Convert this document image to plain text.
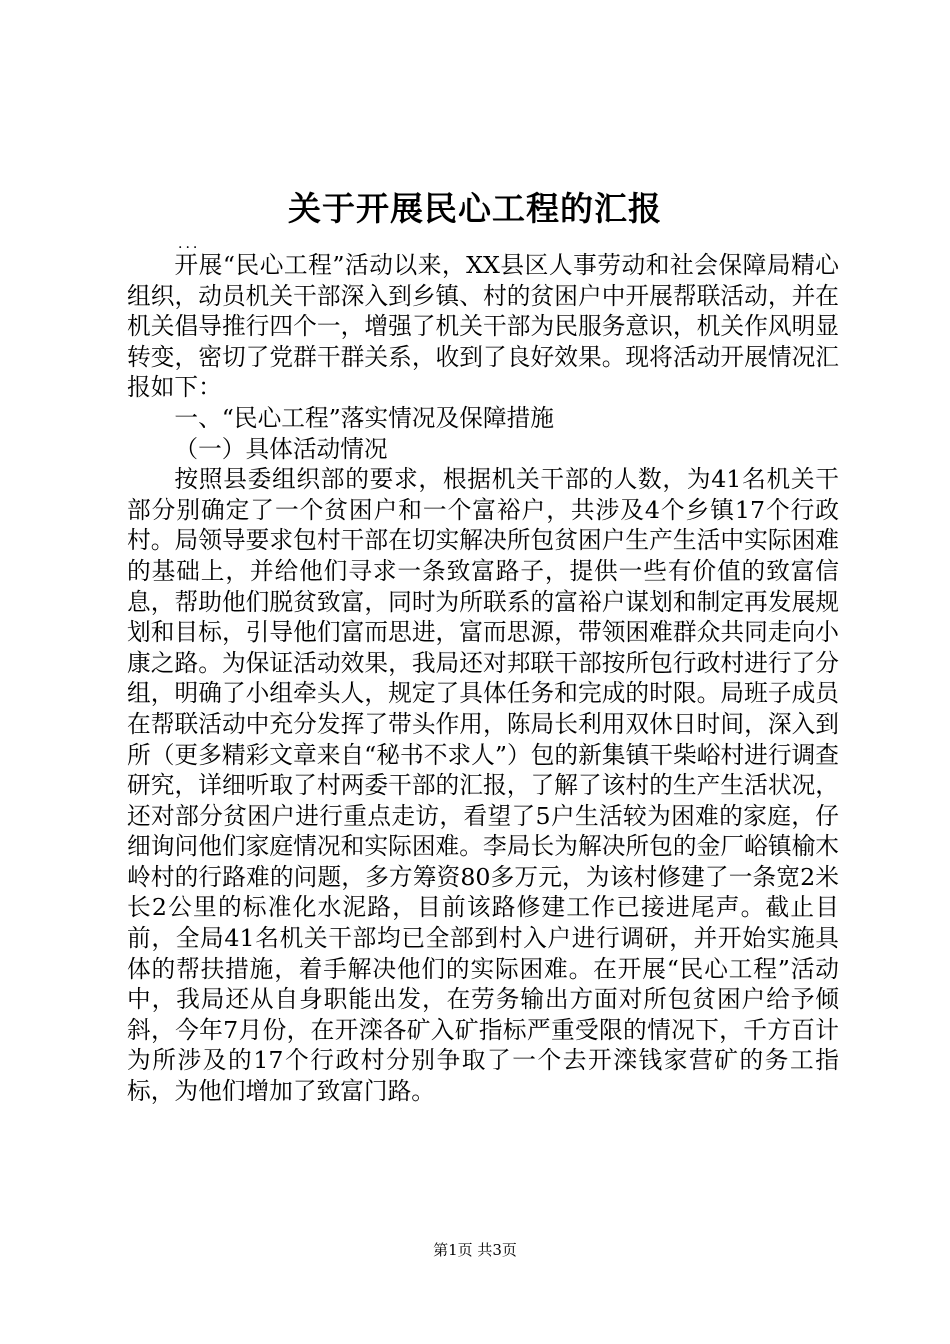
关于开展民心工程的汇报
...

开展“民心工程”活动以来，XX县区人事劳动和社会保障局精心组织，动员机关干部深入到乡镇、村的贫困户中开展帮联活动，并在机关倡导推行四个一，增强了机关干部为民服务意识，机关作风明显转变，密切了党群干群关系，收到了良好效果。现将活动开展情况汇报如下：

一、“民心工程”落实情况及保障措施

（一）具体活动情况

按照县委组织部的要求，根据机关干部的人数，为41名机关干部分别确定了一个贫困户和一个富裕户，共涉及4个乡镇17个行政村。局领导要求包村干部在切实解决所包贫困户生产生活中实际困难的基础上，并给他们寻求一条致富路子，提供一些有价值的致富信息，帮助他们脱贫致富，同时为所联系的富裕户谋划和制定再发展规划和目标，引导他们富而思进，富而思源，带领困难群众共同走向小康之路。为保证活动效果，我局还对邦联干部按所包行政村进行了分组，明确了小组牵头人，规定了具体任务和完成的时限。局班子成员在帮联活动中充分发挥了带头作用，陈局长利用双休日时间，深入到所（更多精彩文章来自“秘书不求人”）包的新集镇干柴峪村进行调查研究，详细听取了村两委干部的汇报，了解了该村的生产生活状况，还对部分贫困户进行重点走访，看望了5户生活较为困难的家庭，仔细询问他们家庭情况和实际困难。李局长为解决所包的金厂峪镇榆木岭村的行路难的问题，多方筹资80多万元，为该村修建了一条宽2米长2公里的标准化水泥路，目前该路修建工作已接进尾声。截止目前，全局41名机关干部均已全部到村入户进行调研，并开始实施具体的帮扶措施，着手解决他们的实际困难。在开展“民心工程”活动中，我局还从自身职能出发，在劳务输出方面对所包贫困户给予倾斜，今年7月份，在开滦各矿入矿指标严重受限的情况下，千方百计为所涉及的17个行政村分别争取了一个去开滦钱家营矿的务工指标，为他们增加了致富门路。

第1页 共3页
